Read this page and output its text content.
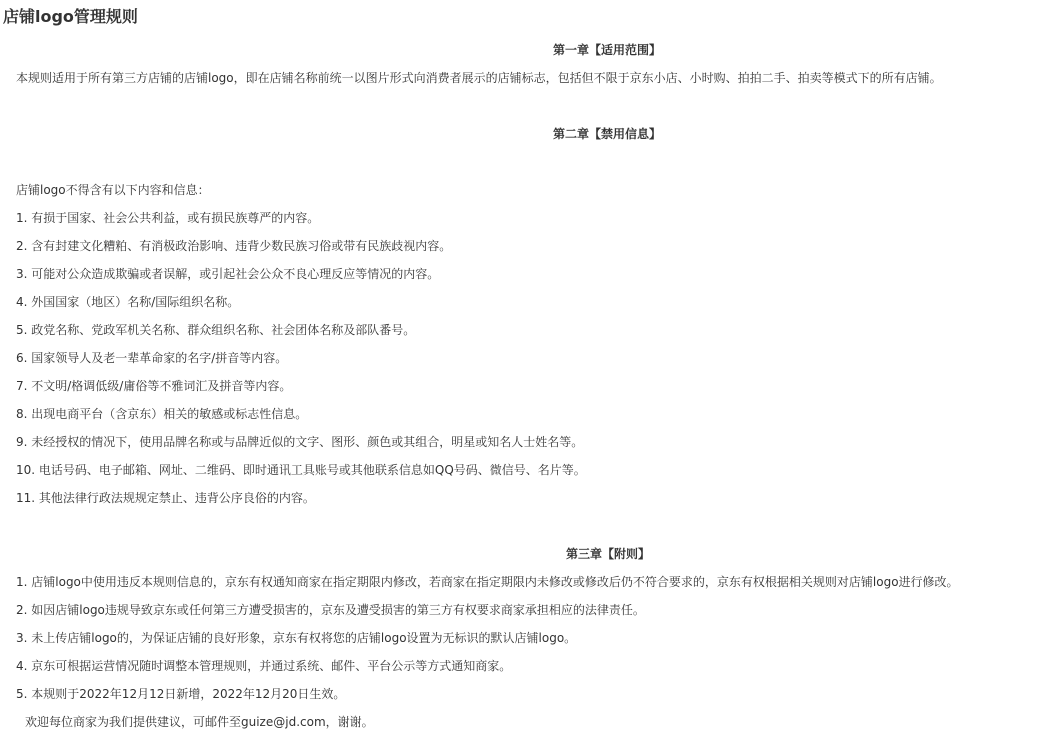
店铺logo管理规则
第一章【适用范围】
本规则适用于所有第三方店铺的店铺logo，即在店铺名称前统一以图片形式向消费者展示的店铺标志，包括但不限于京东小店、小时购、拍拍二手、拍卖等模式下的所有店铺。
第二章【禁用信息】
店铺logo不得含有以下内容和信息：
1. 有损于国家、社会公共利益，或有损民族尊严的内容。
2. 含有封建文化糟粕、有消极政治影响、违背少数民族习俗或带有民族歧视内容。
3. 可能对公众造成欺骗或者误解，或引起社会公众不良心理反应等情况的内容。
4. 外国国家（地区）名称/国际组织名称。
5. 政党名称、党政军机关名称、群众组织名称、社会团体名称及部队番号。
6. 国家领导人及老一辈革命家的名字/拼音等内容。
7. 不文明/格调低级/庸俗等不雅词汇及拼音等内容。
8. 出现电商平台（含京东）相关的敏感或标志性信息。
9. 未经授权的情况下，使用品牌名称或与品牌近似的文字、图形、颜色或其组合，明星或知名人士姓名等。
10. 电话号码、电子邮箱、网址、二维码、即时通讯工具账号或其他联系信息如QQ号码、微信号、名片等。
11. 其他法律行政法规规定禁止、违背公序良俗的内容。
第三章【附则】
1. 店铺logo中使用违反本规则信息的，京东有权通知商家在指定期限内修改，若商家在指定期限内未修改或修改后仍不符合要求的，京东有权根据相关规则对店铺logo进行修改。
2. 如因店铺logo违规导致京东或任何第三方遭受损害的，京东及遭受损害的第三方有权要求商家承担相应的法律责任。
3. 未上传店铺logo的，为保证店铺的良好形象，京东有权将您的店铺logo设置为无标识的默认店铺logo。
4. 京东可根据运营情况随时调整本管理规则，并通过系统、邮件、平台公示等方式通知商家。
5. 本规则于2022年12月12日新增，2022年12月20日生效。
欢迎每位商家为我们提供建议，可邮件至guize@jd.com，谢谢。
